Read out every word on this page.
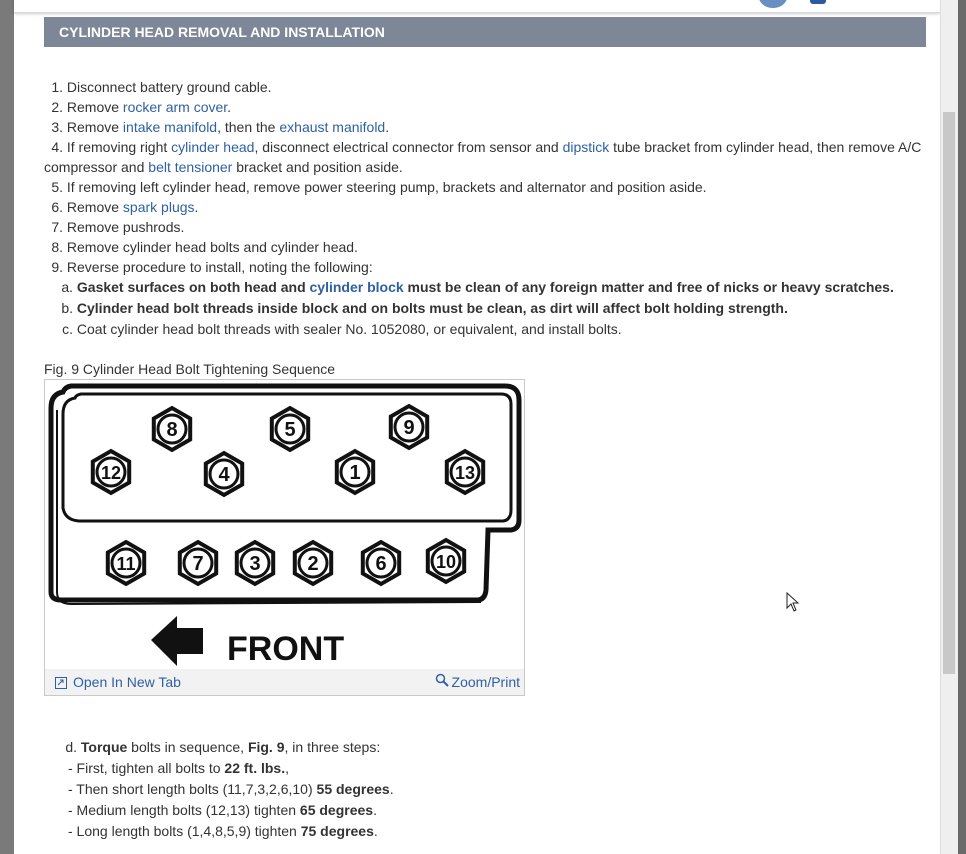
CYLINDER HEAD REMOVAL AND INSTALLATION
1. Disconnect battery ground cable.
2. Remove rocker arm cover.
3. Remove intake manifold, then the exhaust manifold.
4. If removing right cylinder head, disconnect electrical connector from sensor and dipstick tube bracket from cylinder head, then remove A/C compressor and belt tensioner bracket and position aside.
5. If removing left cylinder head, remove power steering pump, brackets and alternator and position aside.
6. Remove spark plugs.
7. Remove pushrods.
8. Remove cylinder head bolts and cylinder head.
9. Reverse procedure to install, noting the following:
a. Gasket surfaces on both head and cylinder block must be clean of any foreign matter and free of nicks or heavy scratches.
b. Cylinder head bolt threads inside block and on bolts must be clean, as dirt will affect bolt holding strength.
c. Coat cylinder head bolt threads with sealer No. 1052080, or equivalent, and install bolts.
Fig. 9 Cylinder Head Bolt Tightening Sequence
8	5	9
12	4	1	13
11	7 3 2	6	10
FRONT
Open In New Tab	Zoom/Print
d. Torque bolts in sequence, Fig. 9, in three steps:
- First, tighten all bolts to 22 ft. lbs.,
- Then short length bolts (11,7,3,2,6,10) 55 degrees.
- Medium length bolts (12,13) tighten 65 degrees.
- Long length bolts (1,4,8,5,9) tighten 75 degrees.
